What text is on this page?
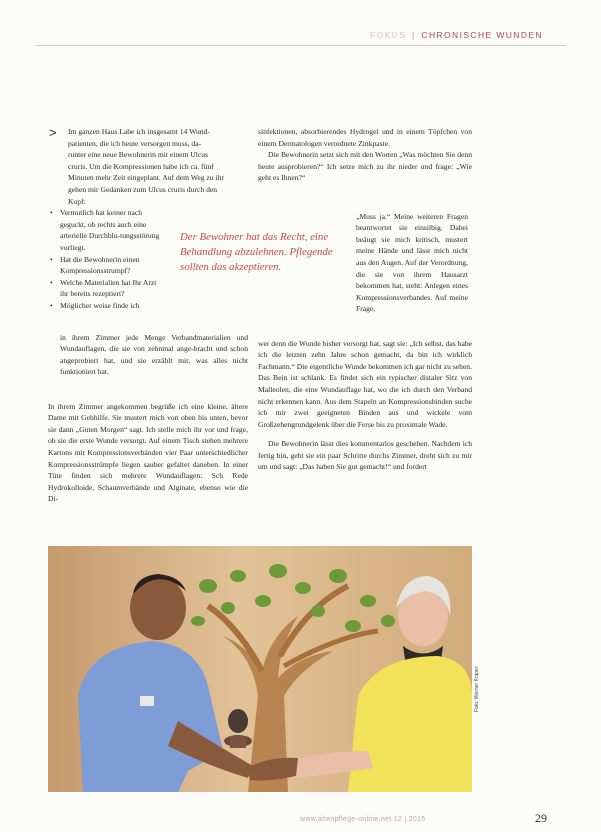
FOKUS | CHRONISCHE WUNDEN
>	Im ganzen Haus Labe ich insgesamt 14 Wund-
patienten, die ich heute versorgen muss, da-
runter eine neue Bewohnerin mit einem Ulcus
cruris. Um die Kompressionen habe ich ca. fünf
Minuten mehr Zeit eingeplant. Auf dem Weg zu ihr
gehen mir Gedanken zum Ulcus cruris durch den
Kopf:

• Vermutlich hat keiner nach geguckt, ob rechts auch eine arterielle Durchblu-tungsstörung vorliegt.
• Hat die Bewohnerin einen Kompressionsstrumpf?
• Welche Materialien hat Ihr Arzt ihr bereits rezeptiert?
• Möglicher weise finde ich
Der Bewohner hat das Recht, eine Behandlung abzulehnen. Pflegende sollten das akzeptieren.

in ihrem Zimmer jede Menge Verbandmaterialien und Wundauflagen, die sie von zehnmal ange-bracht und schon angeprobiert hat, und sie erzählt mir, was alles nicht funktioniert hat.

In ihrem Zimmer angekommen begrüße ich eine kleine, ältere Dame mit Gehhilfe. Sie mustert mich von oben bis unten, bevor sie dann „Guten Morgen“ sagt. Ich stelle mich ihr vor und frage, ob sie die erste Wunde versorgt. Auf einem Tisch stehen mehrere Kartons mit Kompressionsverbänden vier Paar unterschiedlicher Kompressionsstrümpfe liegen sauber gefaltet daneben. In einer Tüte finden sich mehrere Wundauflagen: Sch Rede Hydrokolloide, Schaumverbände und Alginate, ebenso wie die Di-

sinfektionen, absorbierendes Hydrogel und in einem Töpfchen von einem Dermatologen verordnete Zinkpaste.

Die Bewohnerin setzt sich mit den Worten „Was möchten Sie denn heute ausprobieren?“ Ich setze mich zu ihr nieder und frage: „Wie geht es Ihnen?“

„Muss ja.“ Meine weiteren Fragen beantwortet sie einsilbig. Dabei beäugt sie mich kritisch, mustert meine Hände und lässt mich nicht aus den Augen. Auf der Verordnung, die sie von ihrem Hausarzt bekommen hat, steht: Anlegen eines Kompressionsverbandes. Auf meine Frage,

wer denn die Wunde bisher versorgt hat, sagt sie: „Ich selbst, das habe ich die letzten zehn Jahre schon gemacht, da bin ich wirklich Fachmann.“ Die eigentliche Wunde bekommen ich gar nicht zu sehen. Das Bein ist schlank. Es findet sich ein typischer distaler Sitz von Malleolen, die eine Wundauflage hat, wo die ich durch den Verband nicht erkennen kann. Aus dem Stapeln an Kompressionsbinden suche ich mir zwei geeigneten Binden aus und wickele vom Großzehengrundgelenk über die Ferse bis zu proximale Wade.

Die Bewohnerin lässt dies kommentarlos geschehen. Nachdem ich fertig bin, geht sie ein paar Schritte durchs Zimmer, dreht sich zu mir um und sagt: „Das haben Sie gut gemacht!“ und fordert

Foto: Werner Krüper
www.altenpflege-online.net 12 | 2015	29
